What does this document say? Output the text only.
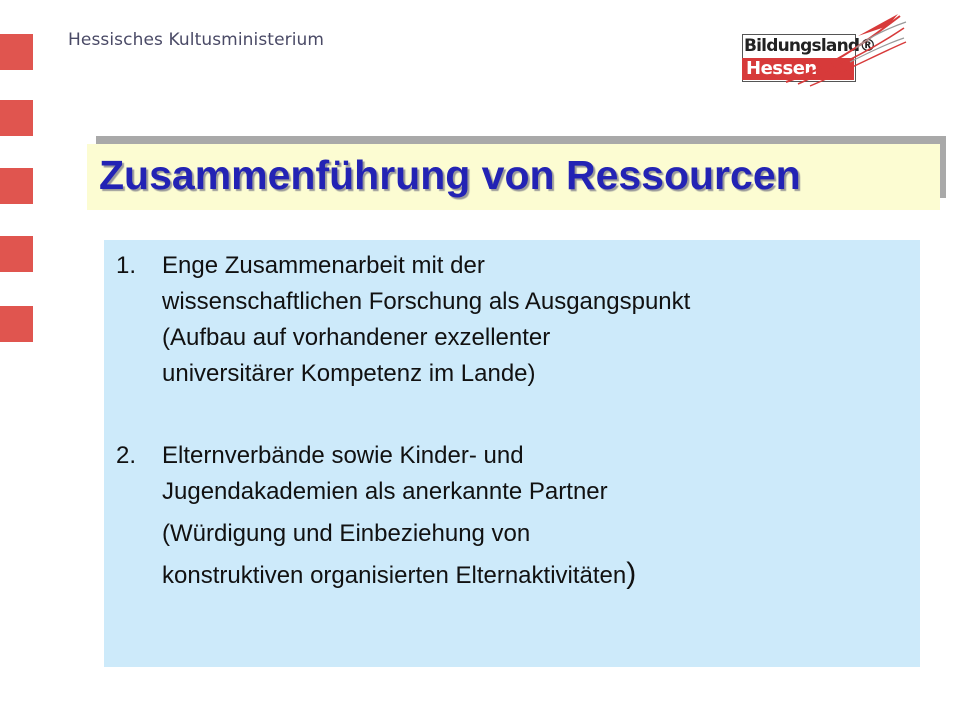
Hessisches Kultusministerium	Bildungsland®
Hessen
Zusammenführung von Ressourcen
1. Enge Zusammenarbeit mit der
wissenschaftlichen Forschung als Ausgangspunkt
(Aufbau auf vorhandener exzellenter
universitärer Kompetenz im Lande)
2. Elternverbände sowie Kinder- und
Jugendakademien als anerkannte Partner
(Würdigung und Einbeziehung von
konstruktiven organisierten Elternaktivitäten)
